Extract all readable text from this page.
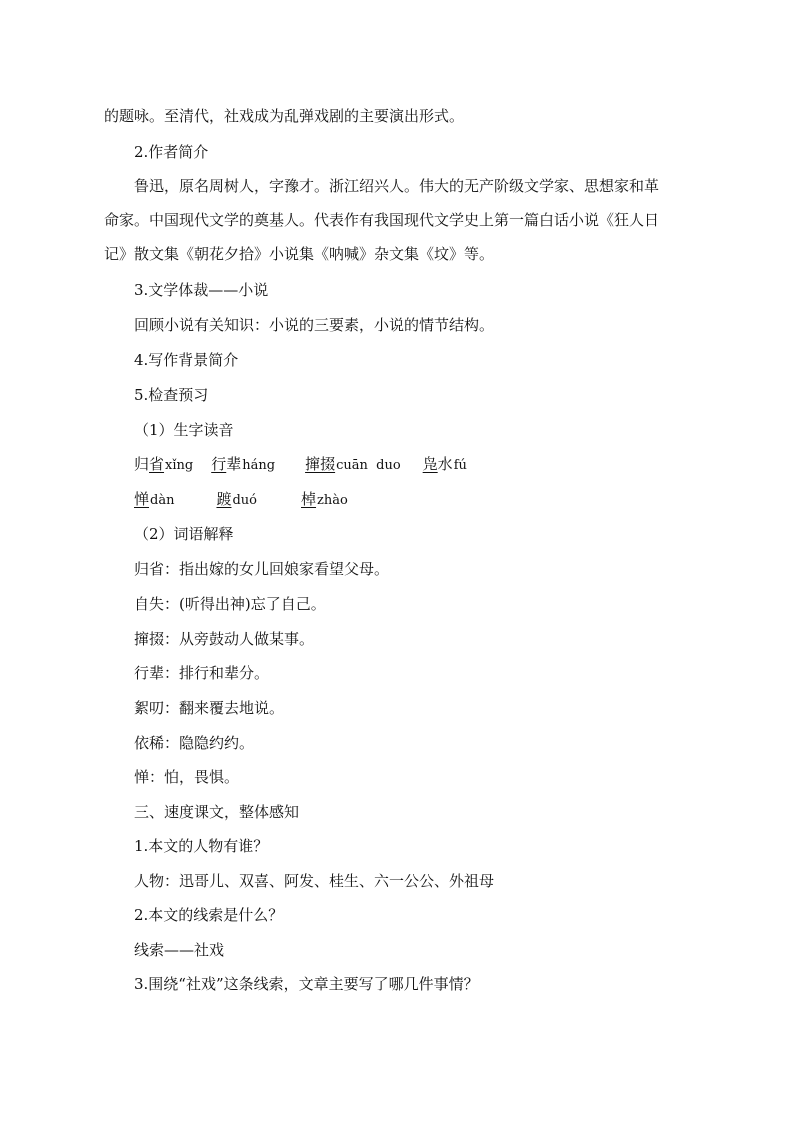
的题咏。至清代，社戏成为乱弹戏剧的主要演出形式。
2.作者简介
鲁迅，原名周树人，字豫才。浙江绍兴人。伟大的无产阶级文学家、思想家和革
命家。中国现代文学的奠基人。代表作有我国现代文学史上第一篇白话小说《狂人日
记》散文集《朝花夕拾》小说集《呐喊》杂文集《坟》等。
3.文学体裁——小说
回顾小说有关知识：小说的三要素，小说的情节结构。
4.写作背景简介
5.检查预习
（1）生字读音
归省xǐng 行辈háng 撺掇cuān  duo 凫水fú
惮dàn	踱duó	棹zhào
（2）词语解释
归省：指出嫁的女儿回娘家看望父母。
自失：(听得出神)忘了自己。
撺掇：从旁鼓动人做某事。
行辈：排行和辈分。
絮叨：翻来覆去地说。
依稀：隐隐约约。
惮：怕，畏惧。
三、速度课文，整体感知
1.本文的人物有谁？
人物：迅哥儿、双喜、阿发、桂生、六一公公、外祖母
2.本文的线索是什么？
线索——社戏
3.围绕“社戏”这条线索，文章主要写了哪几件事情？
